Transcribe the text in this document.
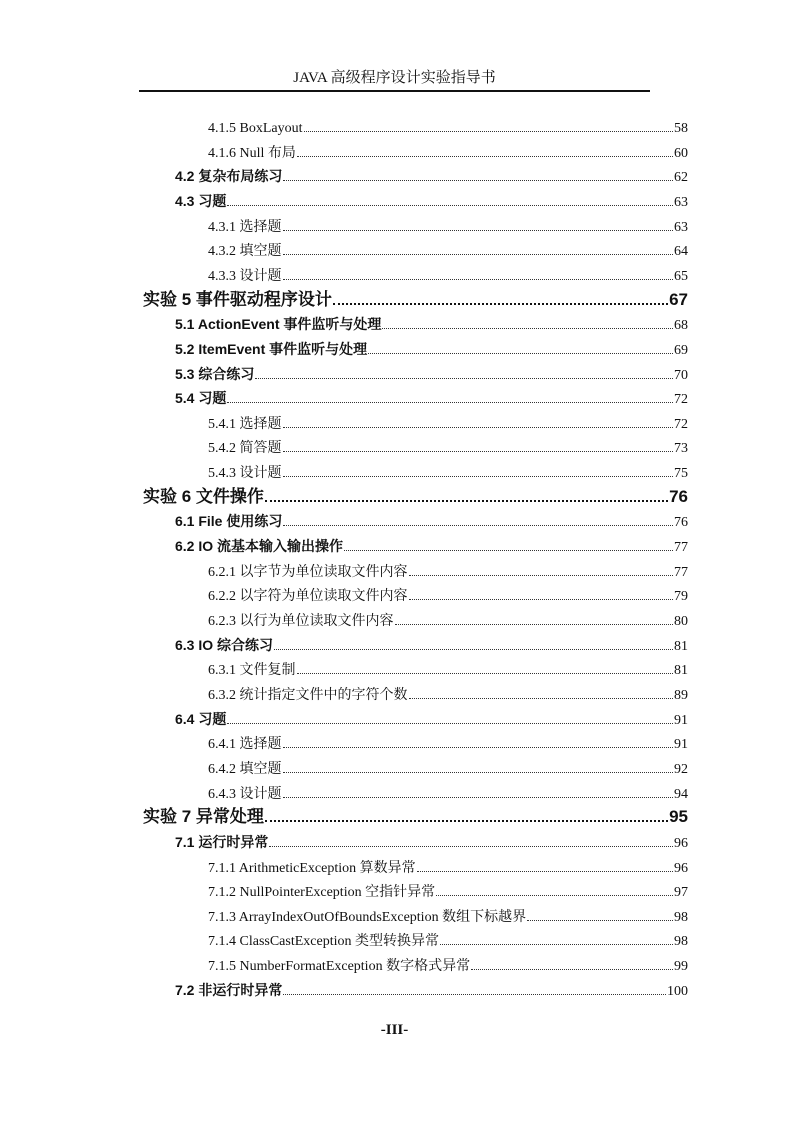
JAVA 高级程序设计实验指导书
4.1.5 BoxLayout	58
4.1.6 Null 布局	60
4.2 复杂布局练习	62
4.3 习题	63
4.3.1 选择题	63
4.3.2 填空题	64
4.3.3 设计题	65
实验 5 事件驱动程序设计	67
5.1 ActionEvent 事件监听与处理	68
5.2 ItemEvent 事件监听与处理	69
5.3 综合练习	70
5.4 习题	72
5.4.1 选择题	72
5.4.2 简答题	73
5.4.3 设计题	75
实验 6 文件操作	76
6.1 File 使用练习	76
6.2 IO 流基本输入输出操作	77
6.2.1 以字节为单位读取文件内容	77
6.2.2 以字符为单位读取文件内容	79
6.2.3 以行为单位读取文件内容	80
6.3 IO 综合练习	81
6.3.1 文件复制	81
6.3.2 统计指定文件中的字符个数	89
6.4 习题	91
6.4.1 选择题	91
6.4.2 填空题	92
6.4.3 设计题	94
实验 7 异常处理	95
7.1 运行时异常	96
7.1.1 ArithmeticException 算数异常	96
7.1.2 NullPointerException 空指针异常	97
7.1.3 ArrayIndexOutOfBoundsException 数组下标越界	98
7.1.4 ClassCastException 类型转换异常	98
7.1.5 NumberFormatException 数字格式异常	99
7.2 非运行时异常	100
-III-
